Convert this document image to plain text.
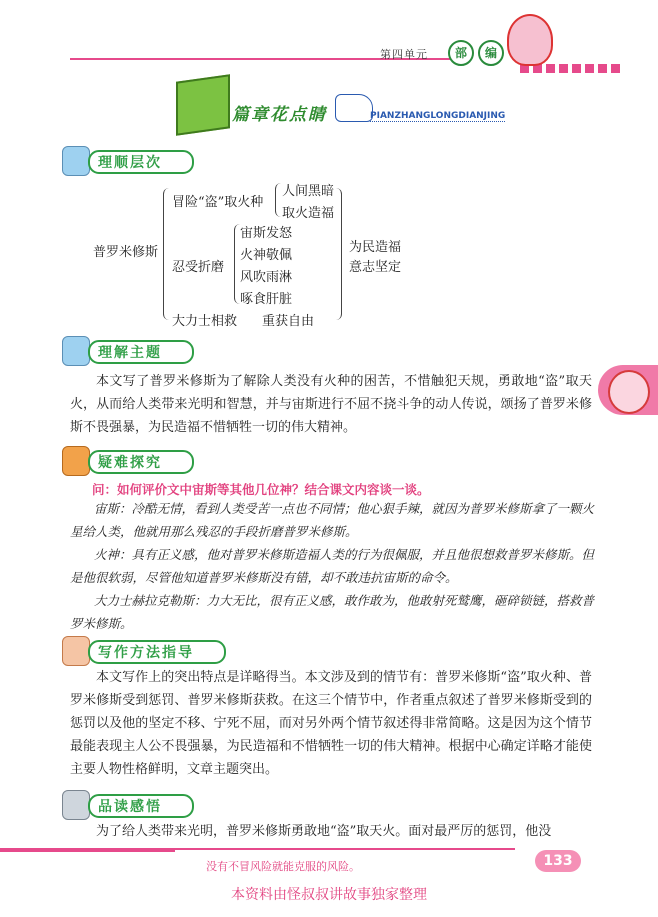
第四单元	部	编
篇章花点睛	PIANZHANGLONGDIANJING
理顺层次
普罗米修斯
冒险“盗”取火种
人间黑暗
取火造福
忍受折磨
宙斯发怒
火神敬佩
风吹雨淋
啄食肝脏
大力士相救 重获自由
为民造福
意志坚定
理解主题
本文写了普罗米修斯为了解除人类没有火种的困苦，不惜触犯天规，勇敢地“盗”取天火，从而给人类带来光明和智慧，并与宙斯进行不屈不挠斗争的动人传说，颂扬了普罗米修斯不畏强暴，为民造福不惜牺牲一切的伟大精神。
疑难探究
问：如何评价文中宙斯等其他几位神？结合课文内容谈一谈。
宙斯：冷酷无情，看到人类受苦一点也不同情；他心狠手辣，就因为普罗米修斯拿了一颗火星给人类，他就用那么残忍的手段折磨普罗米修斯。
火神：具有正义感，他对普罗米修斯造福人类的行为很佩服，并且他很想救普罗米修斯。但是他很软弱，尽管他知道普罗米修斯没有错，却不敢违抗宙斯的命令。
大力士赫拉克勒斯：力大无比，很有正义感，敢作敢为，他敢射死鹫鹰，砸碎锁链，搭救普罗米修斯。
写作方法指导
本文写作上的突出特点是详略得当。本文涉及到的情节有：普罗米修斯“盗”取火种、普罗米修斯受到惩罚、普罗米修斯获救。在这三个情节中，作者重点叙述了普罗米修斯受到的惩罚以及他的坚定不移、宁死不屈，而对另外两个情节叙述得非常简略。这是因为这个情节最能表现主人公不畏强暴，为民造福和不惜牺牲一切的伟大精神。根据中心确定详略才能使主要人物性格鲜明，文章主题突出。
品读感悟
为了给人类带来光明，普罗米修斯勇敢地“盗”取天火。面对最严厉的惩罚，他没
没有不冒风险就能克服的风险。	133
本资料由怪叔叔讲故事独家整理
